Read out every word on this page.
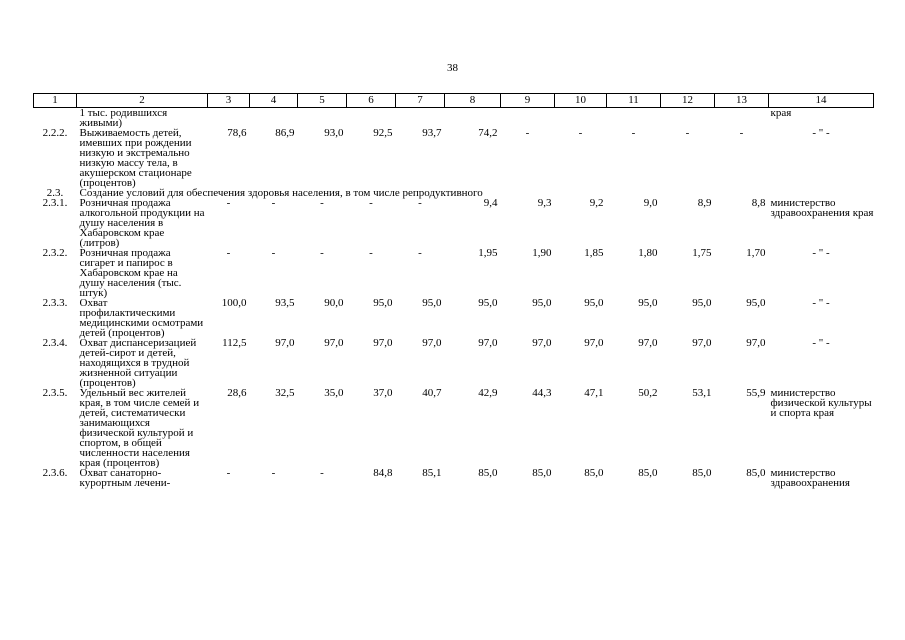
38
1	2	3	4	5	6	7	8	9	10	11	12	13	14
	1 тыс. родившихся живыми)												края
2.2.2.	Выживаемость детей, имевших при рождении низкую и экстремально низкую массу тела, в акушерском стационаре (процентов)	78,6	86,9	93,0	92,5	93,7	74,2	-	-	-	-	-	- " -
2.3.	Создание условий для обеспечения здоровья населения, в том числе репродуктивного												
2.3.1.	Розничная продажа алкогольной продукции на душу населения в Хабаровском крае (литров)	-	-	-	-	-	9,4	9,3	9,2	9,0	8,9	8,8	министерство здравоохранения края
2.3.2.	Розничная продажа сигарет и папирос в Хабаровском крае на душу населения (тыс. штук)	-	-	-	-	-	1,95	1,90	1,85	1,80	1,75	1,70	- " -
2.3.3.	Охват профилактическими медицинскими осмотрами детей (процентов)	100,0	93,5	90,0	95,0	95,0	95,0	95,0	95,0	95,0	95,0	95,0	- " -
2.3.4.	Охват диспансеризацией детей-сирот и детей, находящихся в трудной жизненной ситуации (процентов)	112,5	97,0	97,0	97,0	97,0	97,0	97,0	97,0	97,0	97,0	97,0	- " -
2.3.5.	Удельный вес жителей края, в том числе семей и детей, систематически занимающихся физической культурой и спортом, в общей численности населения края (процентов)	28,6	32,5	35,0	37,0	40,7	42,9	44,3	47,1	50,2	53,1	55,9	министерство физической культуры и спорта края
2.3.6.	Охват санаторно-курортным лечени-	-	-	-	84,8	85,1	85,0	85,0	85,0	85,0	85,0	85,0	министерство здравоохранения
